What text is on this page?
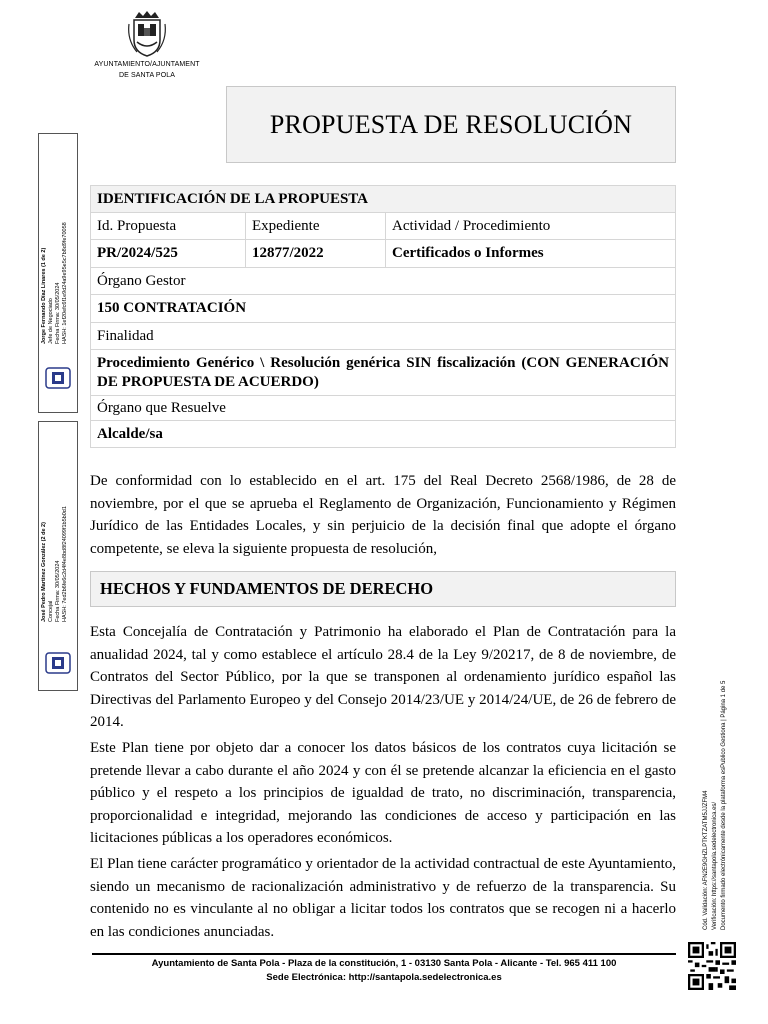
AYUNTAMIENTO/AJUNTAMENT
DE SANTA POLA
PROPUESTA DE RESOLUCIÓN
IDENTIFICACIÓN DE LA PROPUESTA		
Id. Propuesta	Expediente	Actividad / Procedimiento
PR/2024/525	12877/2022	Certificados o Informes
Órgano Gestor		
150 CONTRATACIÓN		
Finalidad		
Procedimiento Genérico \ Resolución genérica SIN fiscalización (CON GENERACIÓN DE PROPUESTA DE ACUERDO)		
Órgano que Resuelve		
Alcalde/sa		
De conformidad con lo establecido en el art. 175 del Real Decreto 2568/1986, de 28 de noviembre, por el que se aprueba el Reglamento de Organización, Funcionamiento y Régimen Jurídico de las Entidades Locales, y sin perjuicio de la decisión final que adopte el órgano competente, se eleva la siguiente propuesta de resolución,
HECHOS Y FUNDAMENTOS DE DERECHO
Esta Concejalía de Contratación y Patrimonio ha elaborado el Plan de Contratación para la anualidad 2024, tal y como establece el artículo 28.4 de la Ley 9/20217, de 8 de noviembre, de Contratos del Sector Público, por la que se transponen al ordenamiento jurídico español las Directivas del Parlamento Europeo y del Consejo 2014/23/UE y 2014/24/UE, de 26 de febrero de 2014.
Este Plan tiene por objeto dar a conocer los datos básicos de los contratos cuya licitación se pretende llevar a cabo durante el año 2024 y con él se pretende alcanzar la eficiencia en el gasto público y el respeto a los principios de igualdad de trato, no discriminación, transparencia, proporcionalidad e integridad, mejorando las condiciones de acceso y participación en las licitaciones públicas a los operadores económicos.
El Plan tiene carácter programático y orientador de la actividad contractual de este Ayuntamiento, siendo un mecanismo de racionalización administrativo y de refuerzo de la transparencia. Su contenido no es vinculante al no obligar a licitar todos los contratos que se recogen ni a hacerlo en las condiciones anunciadas.
Ayuntamiento de Santa Pola - Plaza de la constitución, 1 - 03130 Santa Pola - Alicante - Tel. 965 411 100
Sede Electrónica: http://santapola.sedelectronica.es
Jorge Fernando Díaz Linares (1 de 2) Jefe de Negociado Fecha Firma: 30/05/2024 HASH: 1ef20efc6f1e9d24a9e95e5c7b8d9fe70058
José Pedro Martínez González (2 de 2) Concejal Fecha Firma: 30/05/2024 HASH: 7ed2b6fe6c2d4f4e8bd8f24099f1b5b0d1
Cód. Validación: AFN2E9GHZLPTKTZATM5JJZFM4 Verificación: https://santapola.sedelectronica.es/ Documento firmado electrónicamente desde la plataforma esPublico Gestiona | Página 1 de 5
